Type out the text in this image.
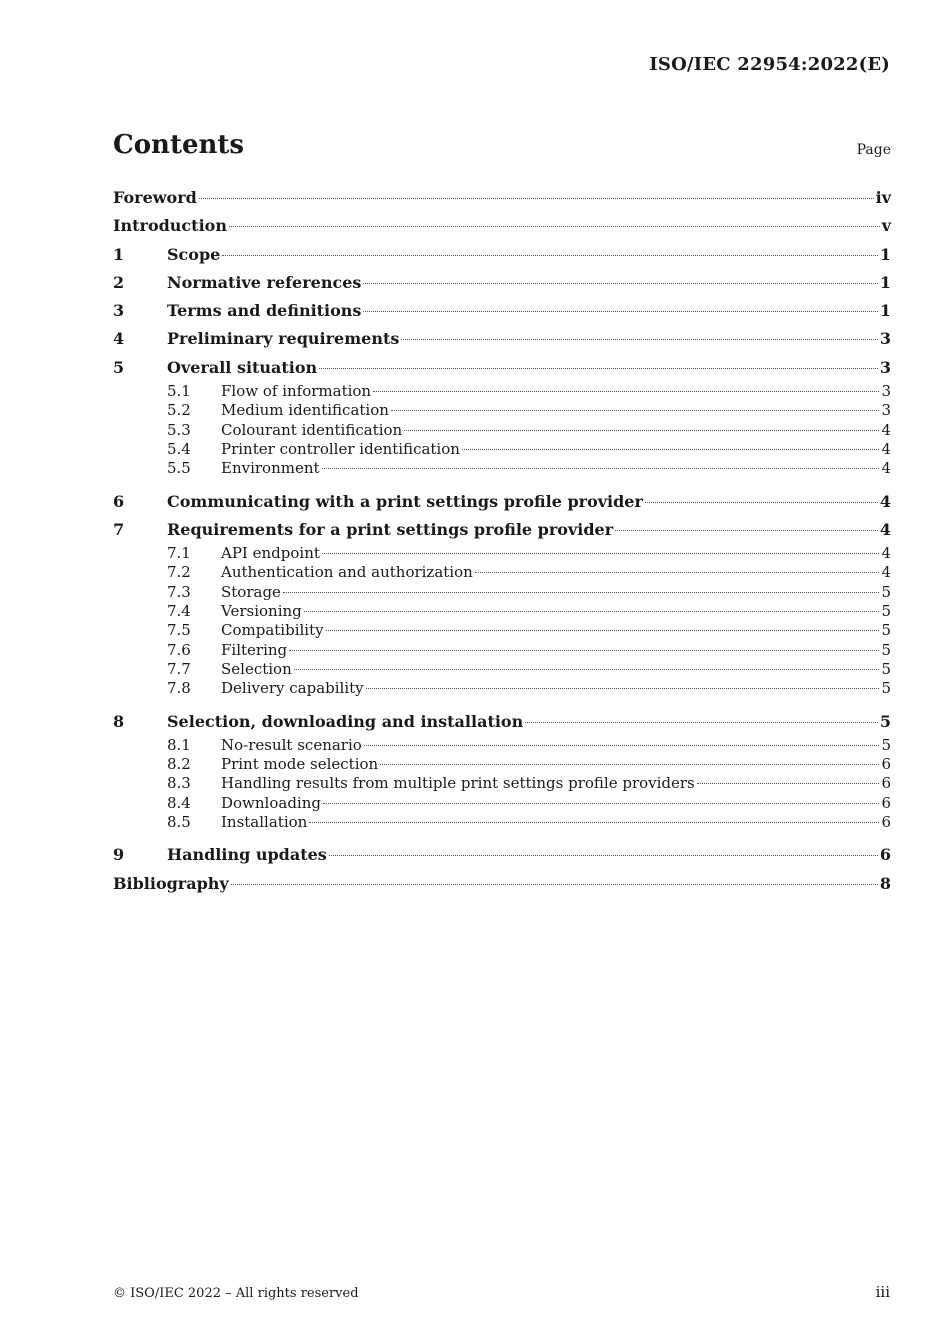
ISO/IEC 22954:2022(E)
Contents	Page
Foreword	iv
Introduction	v
1	Scope	1
2	Normative references	1
3	Terms and definitions	1
4	Preliminary requirements	3
5	Overall situation	3
5.1	Flow of information	3
5.2	Medium identification	3
5.3	Colourant identification	4
5.4	Printer controller identification	4
5.5	Environment	4
6	Communicating with a print settings profile provider	4
7	Requirements for a print settings profile provider	4
7.1	API endpoint	4
7.2	Authentication and authorization	4
7.3	Storage	5
7.4	Versioning	5
7.5	Compatibility	5
7.6	Filtering	5
7.7	Selection	5
7.8	Delivery capability	5
8	Selection, downloading and installation	5
8.1	No-result scenario	5
8.2	Print mode selection	6
8.3	Handling results from multiple print settings profile providers	6
8.4	Downloading	6
8.5	Installation	6
9	Handling updates	6
Bibliography	8
© ISO/IEC 2022 – All rights reserved	iii
